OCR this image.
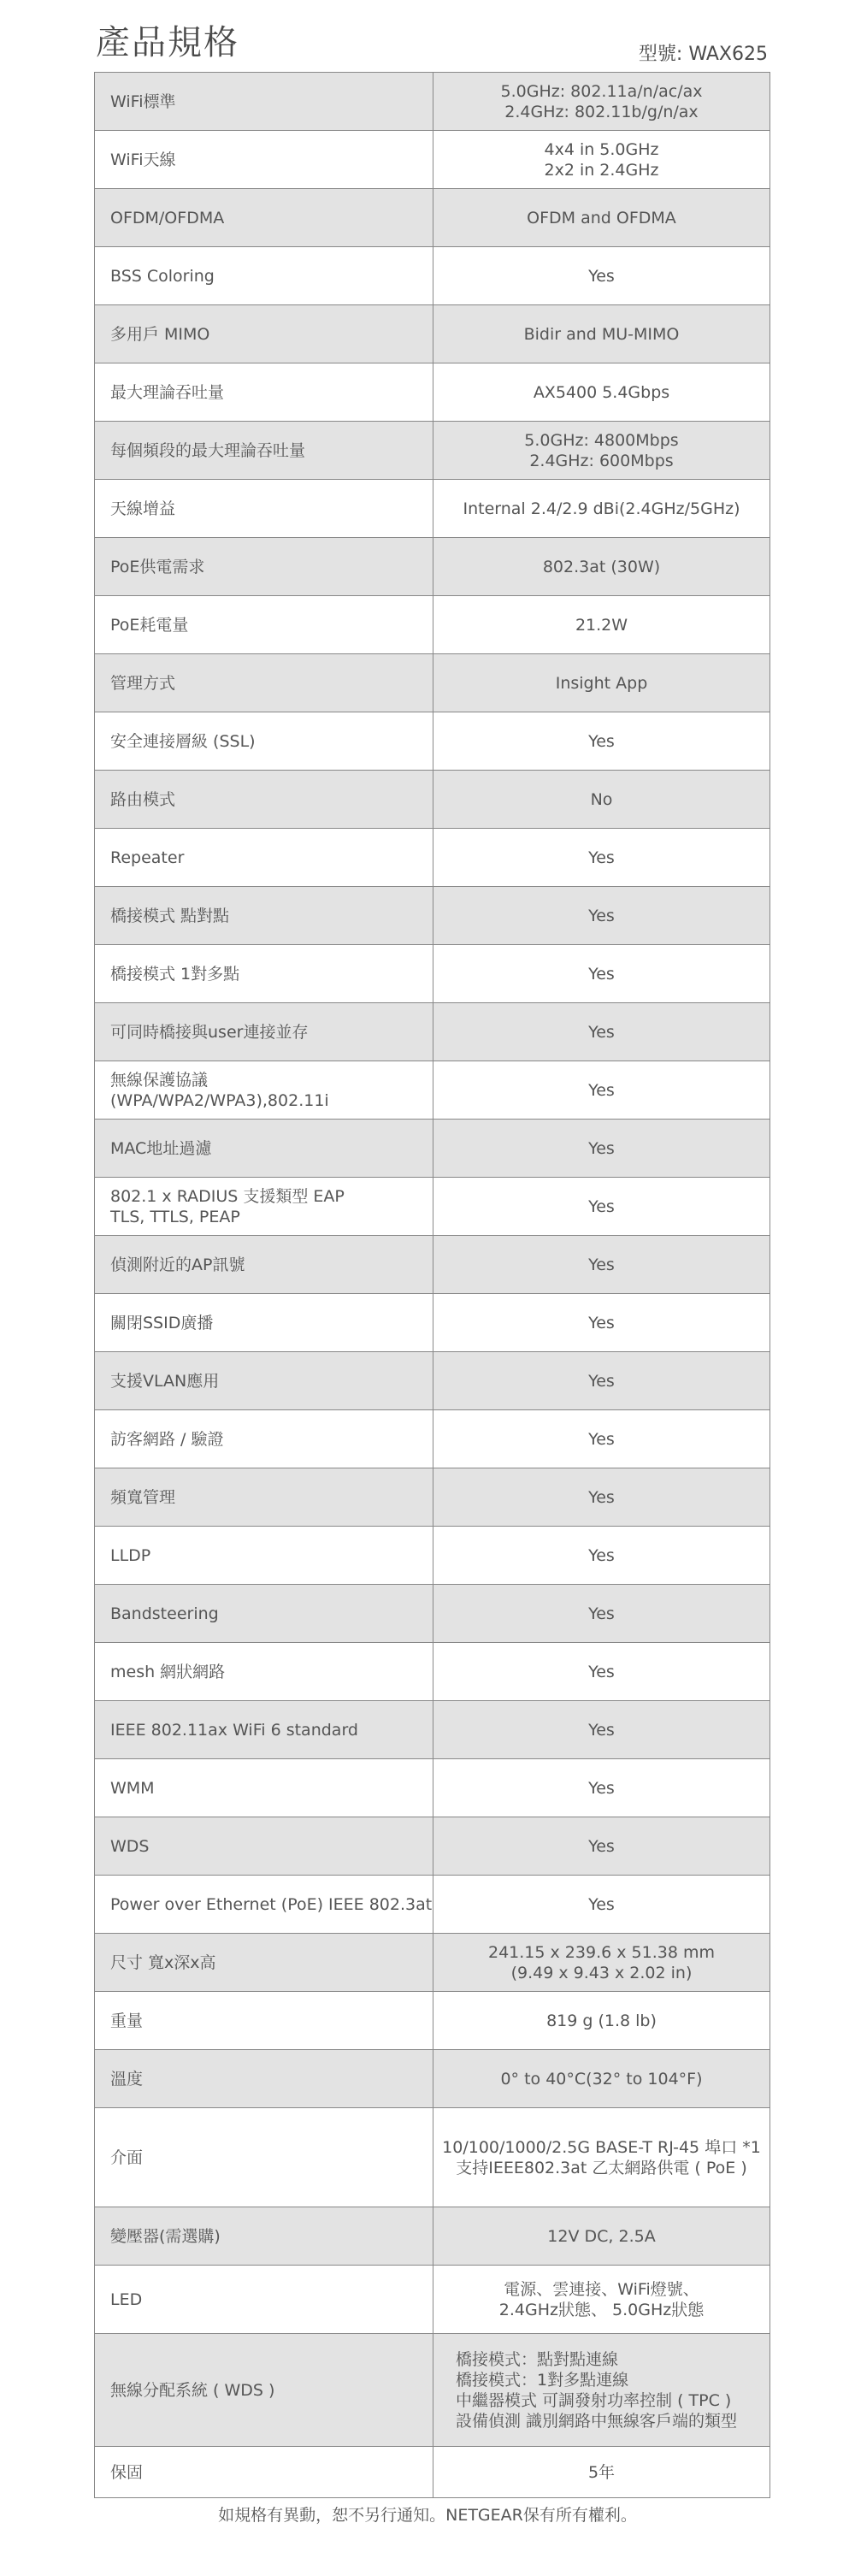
產品規格	型號: WAX625
WiFi標準	5.0GHz: 802.11a/n/ac/ax
2.4GHz: 802.11b/g/n/ax
WiFi天線	4x4 in 5.0GHz
2x2 in 2.4GHz
OFDM/OFDMA	OFDM and OFDMA
BSS Coloring	Yes
多用戶 MIMO	Bidir and MU-MIMO
最大理論吞吐量	AX5400 5.4Gbps
每個頻段的最大理論吞吐量	5.0GHz: 4800Mbps
2.4GHz: 600Mbps
天線增益	Internal 2.4/2.9 dBi(2.4GHz/5GHz)
PoE供電需求	802.3at (30W)
PoE耗電量	21.2W
管理方式	Insight App
安全連接層級 (SSL)	Yes
路由模式	No
Repeater	Yes
橋接模式 點對點	Yes
橋接模式 1對多點	Yes
可同時橋接與user連接並存	Yes
無線保護協議
(WPA/WPA2/WPA3),802.11i	Yes
MAC地址過濾	Yes
802.1 x RADIUS 支援類型 EAP
TLS, TTLS, PEAP	Yes
偵測附近的AP訊號	Yes
關閉SSID廣播	Yes
支援VLAN應用	Yes
訪客網路 / 驗證	Yes
頻寬管理	Yes
LLDP	Yes
Bandsteering	Yes
mesh 網狀網路	Yes
IEEE 802.11ax WiFi 6 standard	Yes
WMM	Yes
WDS	Yes
Power over Ethernet (PoE) IEEE 802.3at	Yes
尺寸 寬x深x高	241.15 x 239.6 x 51.38 mm
(9.49 x 9.43 x 2.02 in)
重量	819 g (1.8 lb)
溫度	0° to 40°C(32° to 104°F)
介面	10/100/1000/2.5G BASE-T RJ-45 埠口 *1
支持IEEE802.3at 乙太網路供電 ( PoE )
變壓器(需選購)	12V DC, 2.5A
LED	電源、雲連接、WiFi燈號、
2.4GHz狀態、 5.0GHz狀態
無線分配系統 ( WDS )	橋接模式：點對點連線
橋接模式：1對多點連線
中繼器模式 可調發射功率控制 ( TPC )
設備偵測 識別網路中無線客戶端的類型
保固	5年
如規格有異動，恕不另行通知。NETGEAR保有所有權利。
